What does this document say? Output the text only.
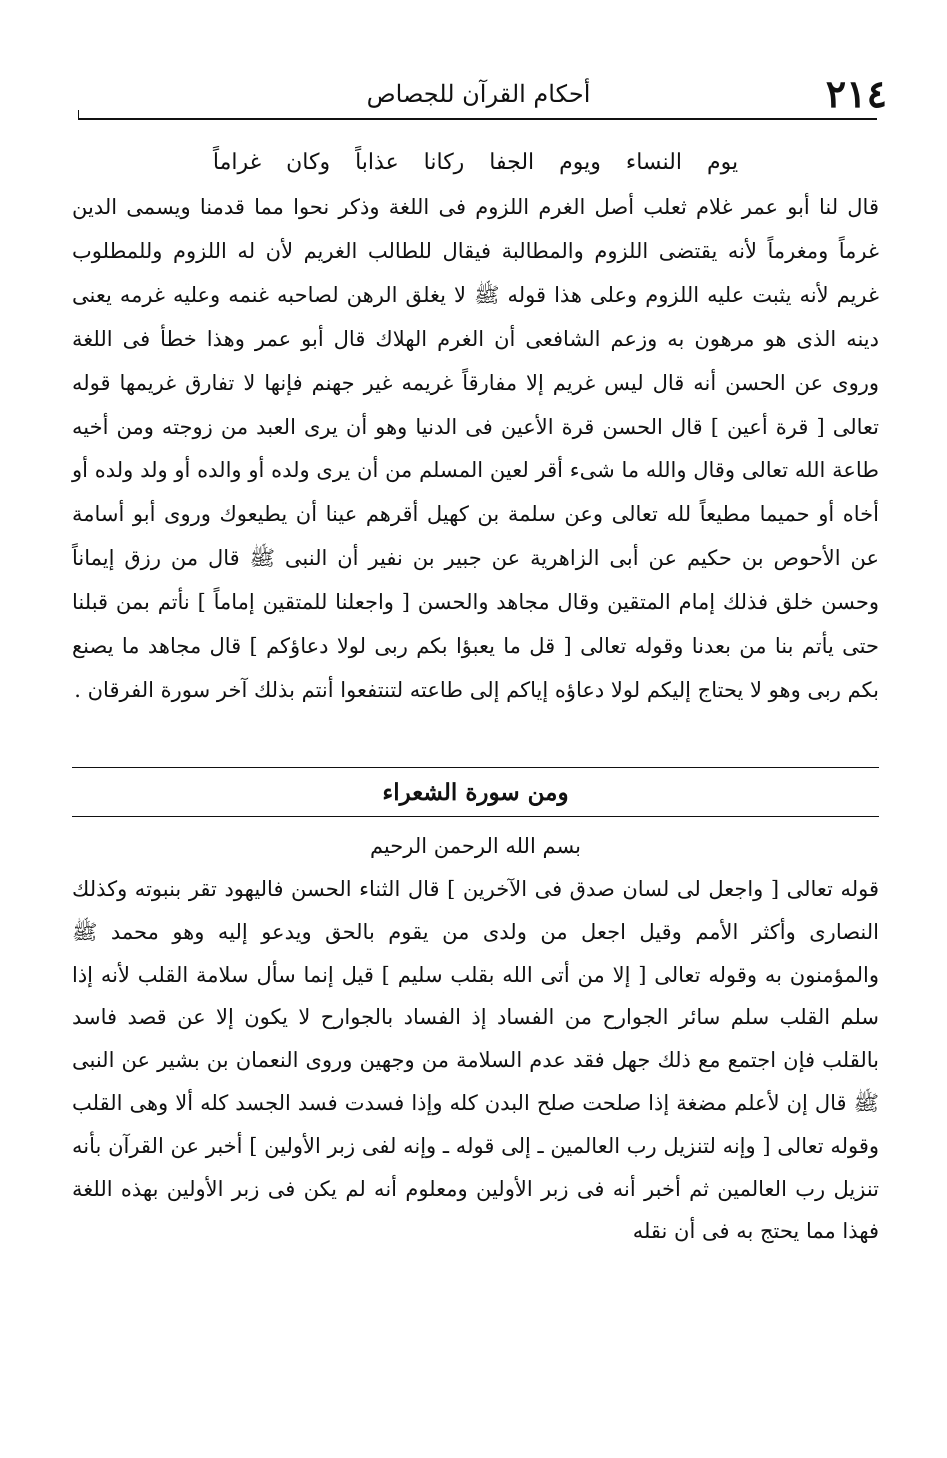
٢١٤
أحكام القرآن للجصاص
يوم النساء ويوم الجفا ركانا عذاباً وكان غراماً

قال لنا أبو عمر غلام ثعلب أصل الغرم اللزوم فى اللغة وذكر نحوا مما قدمنا ويسمى الدين غرماً ومغرماً لأنه يقتضى اللزوم والمطالبة فيقال للطالب الغريم لأن له اللزوم وللمطلوب غريم لأنه يثبت عليه اللزوم وعلى هذا قوله ﷺ لا يغلق الرهن لصاحبه غنمه وعليه غرمه يعنى دينه الذى هو مرهون به وزعم الشافعى أن الغرم الهلاك قال أبو عمر وهذا خطأ فى اللغة وروى عن الحسن أنه قال ليس غريم إلا مفارقاً غريمه غير جهنم فإنها لا تفارق غريمها قوله تعالى [ قرة أعين ] قال الحسن قرة الأعين فى الدنيا وهو أن يرى العبد من زوجته ومن أخيه طاعة الله تعالى وقال والله ما شىء أقر لعين المسلم من أن يرى ولده أو والده أو ولد ولده أو أخاه أو حميما مطيعاً لله تعالى وعن سلمة بن كهيل أقرهم عينا أن يطيعوك وروى أبو أسامة عن الأحوص بن حكيم عن أبى الزاهرية عن جبير بن نفير أن النبى ﷺ قال من رزق إيماناً وحسن خلق فذلك إمام المتقين وقال مجاهد والحسن [ واجعلنا للمتقين إماماً ] نأتم بمن قبلنا حتى يأتم بنا من بعدنا وقوله تعالى [ قل ما يعبؤا بكم ربى لولا دعاؤكم ] قال مجاهد ما يصنع بكم ربى وهو لا يحتاج إليكم لولا دعاؤه إياكم إلى طاعته لتنتفعوا أنتم بذلك آخر سورة الفرقان .

ومن سورة الشعراء
بسم الله الرحمن الرحيم

قوله تعالى [ واجعل لى لسان صدق فى الآخرين ] قال الثناء الحسن فاليهود تقر بنبوته وكذلك النصارى وأكثر الأمم وقيل اجعل من ولدى من يقوم بالحق ويدعو إليه وهو محمد ﷺ والمؤمنون به وقوله تعالى [ إلا من أتى الله بقلب سليم ] قيل إنما سأل سلامة القلب لأنه إذا سلم القلب سلم سائر الجوارح من الفساد إذ الفساد بالجوارح لا يكون إلا عن قصد فاسد بالقلب فإن اجتمع مع ذلك جهل فقد عدم السلامة من وجهين وروى النعمان بن بشير عن النبى ﷺ قال إن لأعلم مضغة إذا صلحت صلح البدن كله وإذا فسدت فسد الجسد كله ألا وهى القلب وقوله تعالى [ وإنه لتنزيل رب العالمين ـ إلى قوله ـ وإنه لفى زبر الأولين ] أخبر عن القرآن بأنه تنزيل رب العالمين ثم أخبر أنه فى زبر الأولين ومعلوم أنه لم يكن فى زبر الأولين بهذه اللغة فهذا مما يحتج به فى أن نقله
